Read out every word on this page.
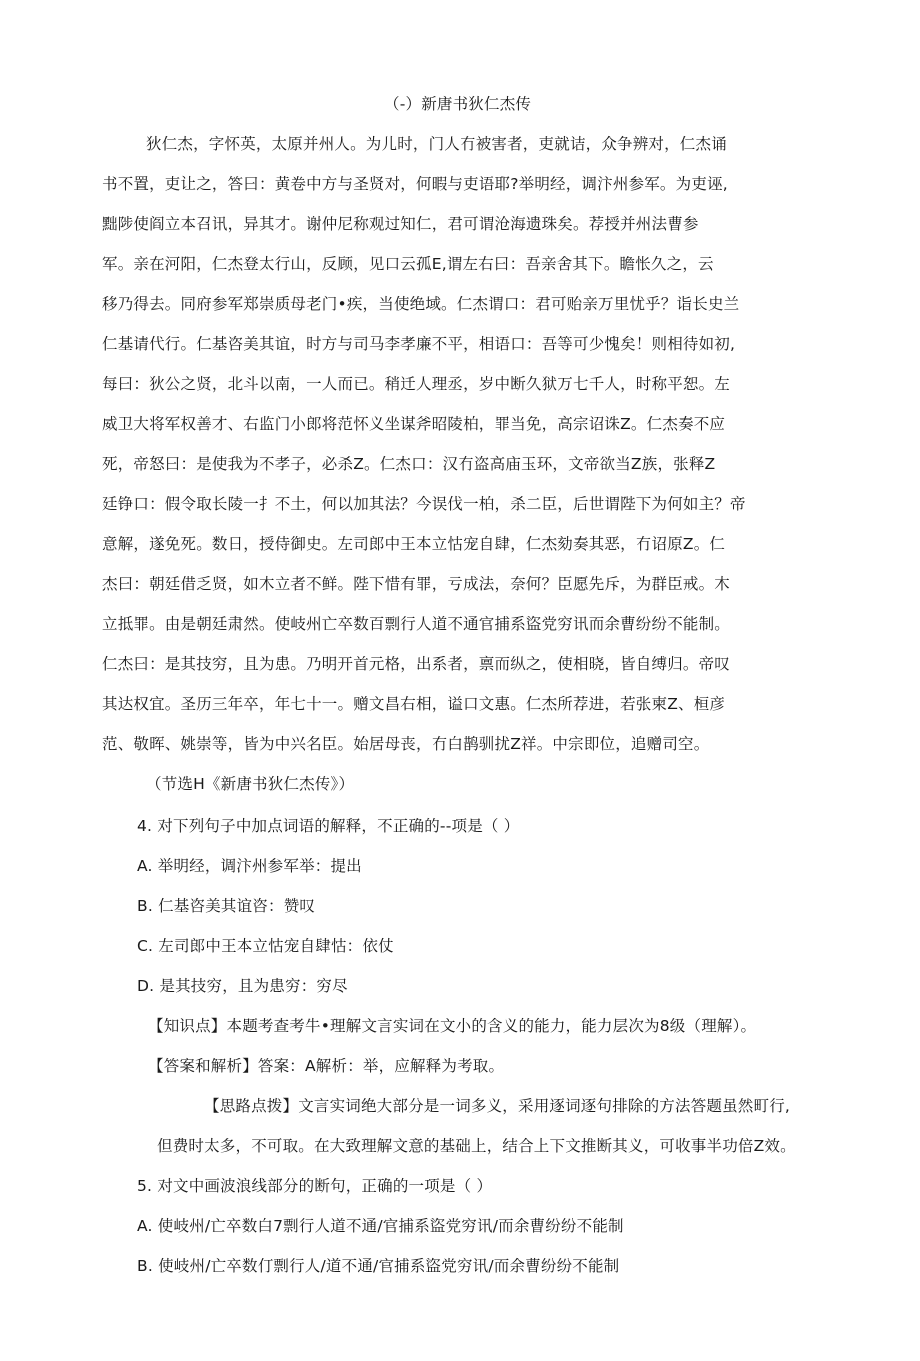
（-）新唐书狄仁杰传
狄仁杰，字怀英，太原并州人。为儿时，门人冇被害者，吏就诘，众争辨对，仁杰诵
书不置，吏让之，答曰：黄卷中方与圣贤对，何暇与吏语耶?举明经，调汴州参军。为吏诬,
黜陟使阎立本召讯，异其才。谢仲尼称观过知仁，君可谓沧海遗珠矣。荐授并州法曹参
军。亲在河阳，仁杰登太行山，反顾，见口云孤E,谓左右曰：吾亲舍其下。瞻怅久之，云
移乃得去。同府参军郑崇质母老门•疾，当使绝域。仁杰谓口：君可贻亲万里忧乎？诣长史兰
仁基请代行。仁基咨美其谊，时方与司马李孝廉不平，相语口：吾等可少愧矣！则相待如初,
每曰：狄公之贤，北斗以南，一人而已。稍迁人理丞，岁中断久狱万七千人，时称平恕。左
威卫大将军权善才、右监门小郎将范怀义坐谋斧昭陵柏，罪当免，高宗诏诛Z。仁杰奏不应
死，帝怒曰：是使我为不孝子，必杀Z。仁杰口：汉冇盗高庙玉环，文帝欲当Z族，张释Z
廷铮口：假令取长陵一扌不土，何以加其法？今误伐一柏，杀二臣，后世谓陛下为何如主？帝
意解，遂免死。数日，授侍御史。左司郎中王本立怙宠自肆，仁杰劾奏其恶，冇诏原Z。仁
杰曰：朝廷借乏贤，如木立者不鲜。陛下惜有罪，亏成法，奈何？臣愿先斥，为群臣戒。木
立抵罪。由是朝廷肃然。使岐州亡卒数百剽行人道不通官捕系盜党穷讯而余曹纷纷不能制。
仁杰曰：是其技穷，且为患。乃明开首元格，出系者，禀而纵之，使相晓，皆自缚归。帝叹
其达权宜。圣历三年卒，年七十一。赠文昌右相，谥口文惠。仁杰所荐进，若张柬Z、桓彦
范、敬晖、姚崇等，皆为中兴名臣。始居母丧，冇白鹊驯扰Z祥。中宗即位，追赠司空。
（节选H《新唐书狄仁杰传》）
4. 对下列句子中加点词语的解释，不正确的--项是（ ）
A. 举明经，调汴州参军举：提出
B. 仁基咨美其谊咨：赞叹
C. 左司郎中王本立怙宠自肆怙：依仗
D. 是其技穷，且为患穷：穷尽
【知识点】本题考查考牛•理解文言实词在文小的含义的能力，能力层次为8级（理解）。
【答案和解析】答案：A解析：举，应解释为考取。
【思路点拨】文言实词绝大部分是一词多义，采用逐词逐句排除的方法答题虽然町行,
但费时太多，不可取。在大致理解文意的基础上，结合上下文推断其义，可收事半功倍Z效。
5. 对文中画波浪线部分的断句，正确的一项是（ ）
A. 使岐州/亡卒数白7剽行人道不通/官捕系盜党穷讯/而余曹纷纷不能制
B. 使岐州/亡卒数仃剽行人/道不通/官捕系盜党穷讯/而余曹纷纷不能制
